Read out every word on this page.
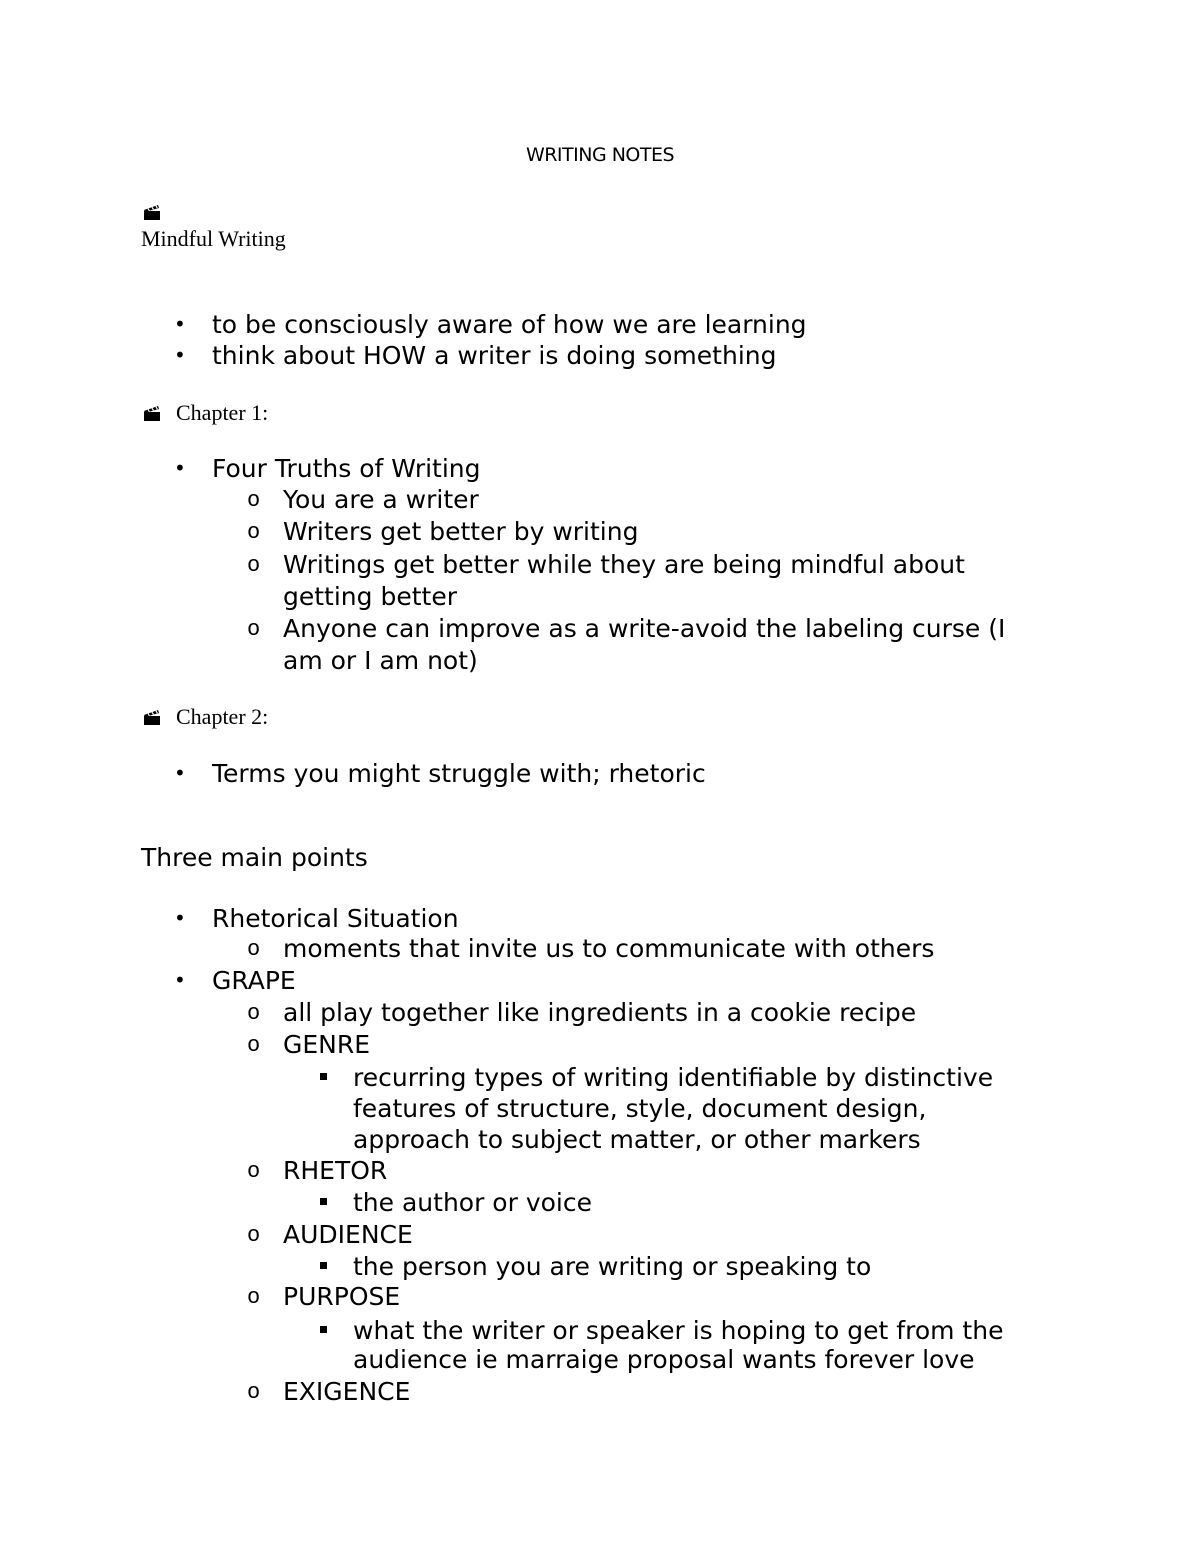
WRITING NOTES
Mindful Writing
• to be consciously aware of how we are learning
• think about HOW a writer is doing something
Chapter 1:
• Four Truths of Writing
o You are a writer
o Writers get better by writing
o Writings get better while they are being mindful about
getting better
o Anyone can improve as a write-avoid the labeling curse (I
am or I am not)
Chapter 2:
• Terms you might struggle with; rhetoric
Three main points
• Rhetorical Situation
o moments that invite us to communicate with others
• GRAPE
o all play together like ingredients in a cookie recipe
o GENRE
recurring types of writing identifiable by distinctive
features of structure, style, document design,
approach to subject matter, or other markers
o RHETOR
the author or voice
o AUDIENCE
the person you are writing or speaking to
o PURPOSE
what the writer or speaker is hoping to get from the
audience ie marraige proposal wants forever love
o EXIGENCE
